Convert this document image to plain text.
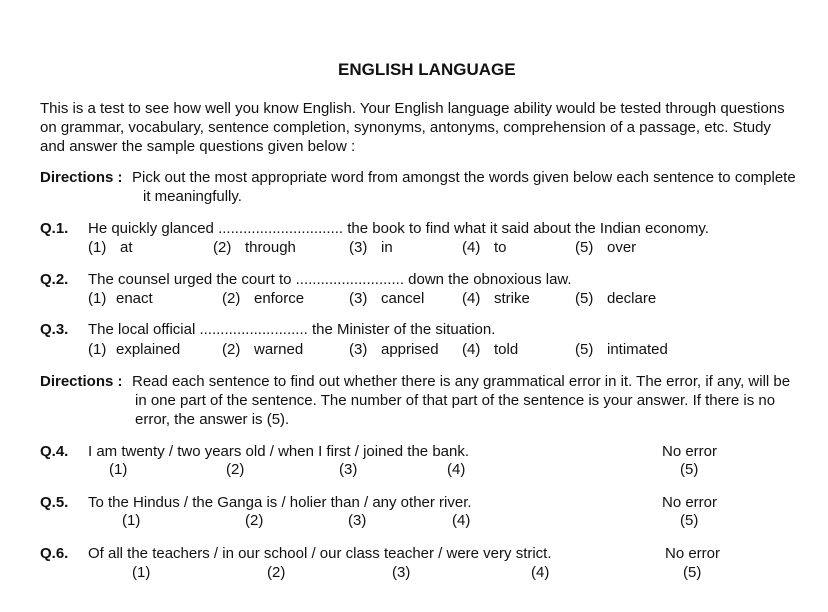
ENGLISH LANGUAGE
This is a test to see how well you know English. Your English language ability would be tested through questions
on grammar, vocabulary, sentence completion, synonyms, antonyms, comprehension of a passage, etc. Study
and answer the sample questions given below :
Directions : Pick out the most appropriate word from amongst the words given below each sentence to complete
it meaningfully.
Q.1. He quickly glanced .............................. the book to find what it said about the Indian economy.
(1) at	(2) through	(3) in	(4) to	(5) over
Q.2. The counsel urged the court to .......................... down the obnoxious law.
(1) enact	(2) enforce	(3) cancel	(4) strike	(5) declare
Q.3. The local official .......................... the Minister of the situation.
(1) explained	(2) warned	(3) apprised (4) told	(5) intimated
Directions : Read each sentence to find out whether there is any grammatical error in it. The error, if any, will be
in one part of the sentence. The number of that part of the sentence is your answer. If there is no
error, the answer is (5).
Q.4. I am twenty / two years old / when I first / joined the bank.	No error
(1)	(2)	(3)	(4)	(5)
Q.5. To the Hindus / the Ganga is / holier than / any other river.	No error
(1)	(2)	(3)	(4)	(5)
Q.6. Of all the teachers / in our school / our class teacher / were very strict.	No error
(1)	(2)	(3)	(4)	(5)
